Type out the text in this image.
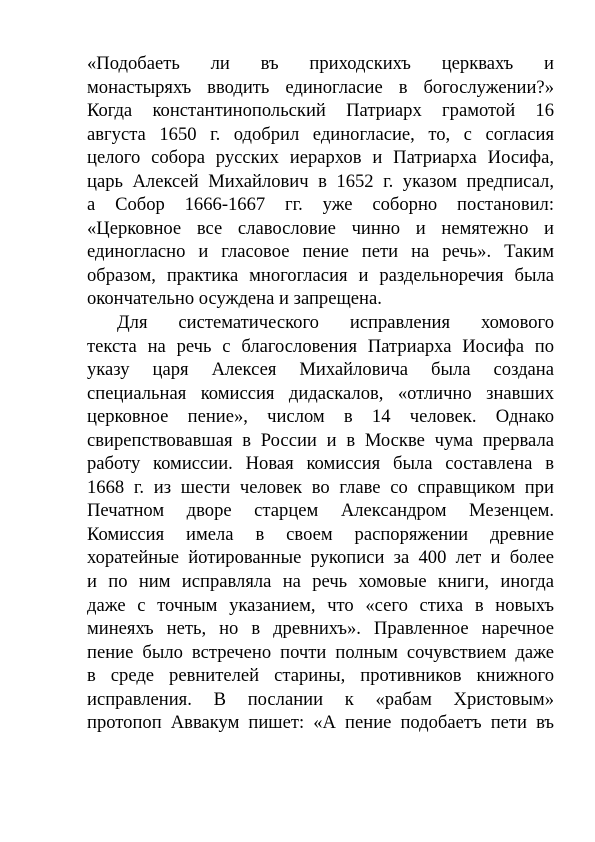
«Подобаеть ли въ приходскихъ церквахъ и
монастыряхъ вводить единогласие в богослужении?»
Когда константинопольский Патриарх грамотой 16
августа 1650 г. одобрил единогласие, то, с согласия
целого собора русских иерархов и Патриарха Иосифа,
царь Алексей Михайлович в 1652 г. указом предписал,
а Собор 1666-1667 гг. уже соборно постановил:
«Церковное все славословие чинно и немятежно и
единогласно и гласовое пение пети на речь». Таким
образом, практика многогласия и раздельноречия была
окончательно осуждена и запрещена.

Для систематического исправления хомового
текста на речь с благословения Патриарха Иосифа по
указу царя Алексея Михайловича была создана
специальная комиссия дидаскалов, «отлично знавших
церковное пение», числом в 14 человек. Однако
свирепствовавшая в России и в Москве чума прервала
работу комиссии. Новая комиссия была составлена в
1668 г. из шести человек во главе со справщиком при
Печатном дворе старцем Александром Мезенцем.
Комиссия имела в своем распоряжении древние
хоратейные йотированные рукописи за 400 лет и более
и по ним исправляла на речь хомовые книги, иногда
даже с точным указанием, что «сего стиха в новыхъ
минеяхъ неть, но в древнихъ». Правленное наречное
пение было встречено почти полным сочувствием даже
в среде ревнителей старины, противников книжного
исправления. В послании к «рабам Христовым»
протопоп Аввакум пишет: «А пение подобаетъ пети въ
